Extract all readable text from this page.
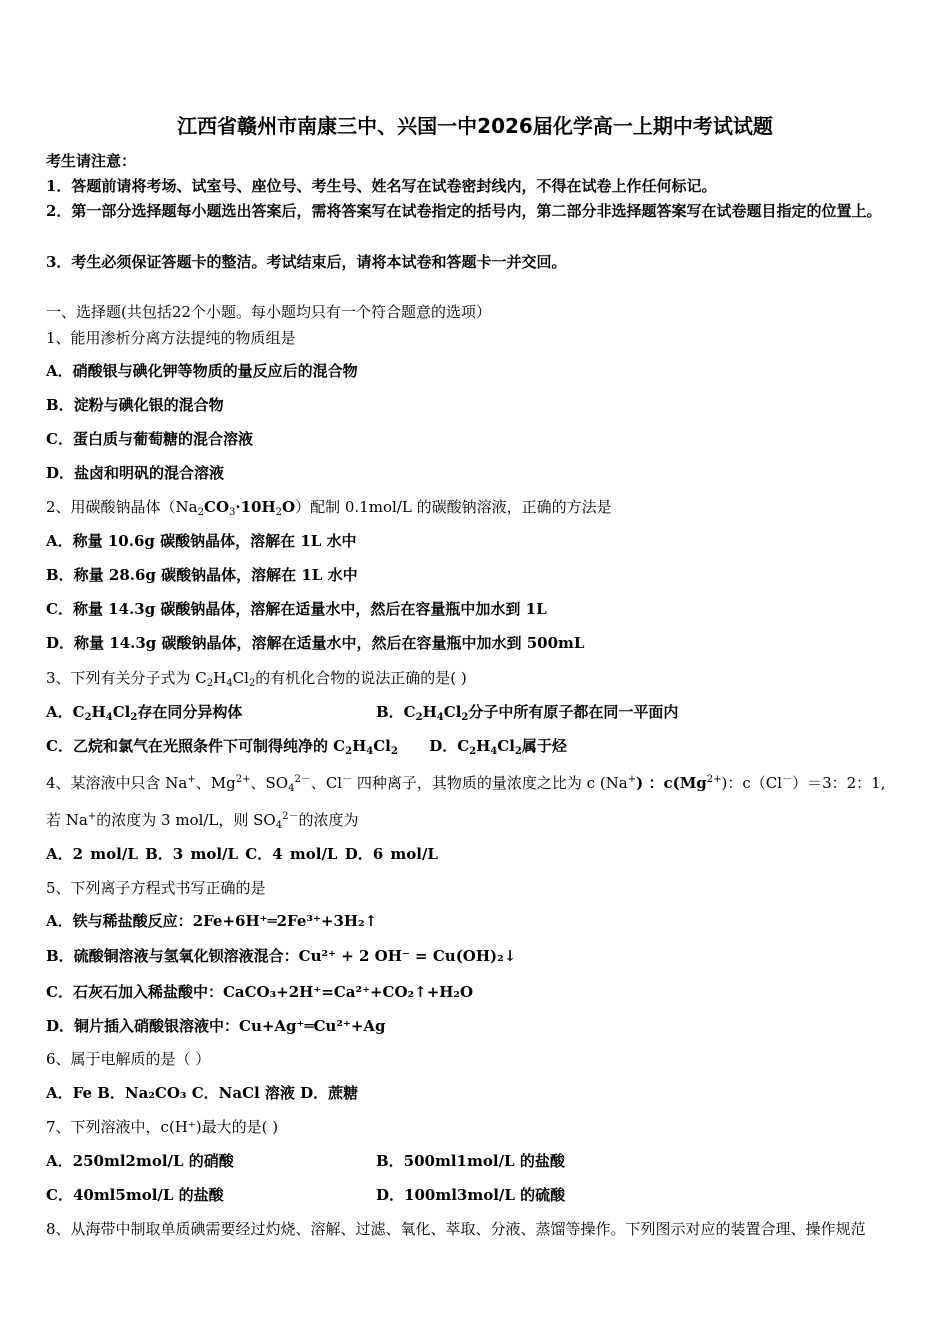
江西省赣州市南康三中、兴国一中2026届化学高一上期中考试试题
考生请注意：
1．答题前请将考场、试室号、座位号、考生号、姓名写在试卷密封线内，不得在试卷上作任何标记。
2．第一部分选择题每小题选出答案后，需将答案写在试卷指定的括号内，第二部分非选择题答案写在试卷题目指定的位置上。
3．考生必须保证答题卡的整洁。考试结束后，请将本试卷和答题卡一并交回。
一、选择题(共包括22个小题。每小题均只有一个符合题意的选项）
1、能用渗析分离方法提纯的物质组是
A．硝酸银与碘化钾等物质的量反应后的混合物
B．淀粉与碘化银的混合物
C．蛋白质与葡萄糖的混合溶液
D．盐卤和明矾的混合溶液
2、用碳酸钠晶体$(Na_2CO_3\cdot 10H_2O)$配制 0.1mol/L 的碳酸钠溶液，正确的方法是
A．称量 10.6g 碳酸钠晶体，溶解在 1L 水中
B．称量 28.6g 碳酸钠晶体，溶解在 1L 水中
C．称量 14.3g 碳酸钠晶体，溶解在适量水中，然后在容量瓶中加水到 1L
D．称量 14.3g 碳酸钠晶体，溶解在适量水中，然后在容量瓶中加水到 500mL
3、下列有关分子式为 $C_2H_4Cl_2$的有机化合物的说法正确的是( )
A．$C_2H_4Cl_2$存在同分异构体	B．$C_2H_4Cl_2$分子中所有原子都在同一平面内
C．乙烷和氯气在光照条件下可制得纯净的 $C_2H_4Cl_2$ D．$C_2H_4Cl_2$属于烃
4、某溶液中只含 Na+、$Mg^{2+}$、$SO_4^{2-}$、Cl－ 四种离子，其物质的量浓度之比为 c (Na+) ：$c(Mg^{2+})$：c（Cl－）＝3：2：1,
若 Na+的浓度为 3 mol/L，则 $SO_4^{2-}$的浓度为
A．2 mol/L B．3 mol/L C．4 mol/L D．6 mol/L
5、下列离子方程式书写正确的是
A．铁与稀盐酸反应：2Fe+6H⁺═2Fe³⁺+3H₂↑
B．硫酸铜溶液与氢氧化钡溶液混合：Cu²⁺ + 2 OH⁻ = Cu(OH)₂↓
C．石灰石加入稀盐酸中：CaCO₃+2H⁺=Ca²⁺+CO₂↑+H₂O
D．铜片插入硝酸银溶液中：Cu+Ag⁺═Cu²⁺+Ag
6、属于电解质的是（ ）
A．Fe B．Na₂CO₃ C．NaCl 溶液 D．蔗糖
7、下列溶液中，c(H⁺)最大的是( )
A．250ml2mol/L 的硝酸	B．500ml1mol/L 的盐酸
C．40ml5mol/L 的盐酸	D．100ml3mol/L 的硫酸
8、从海带中制取单质碘需要经过灼烧、溶解、过滤、氧化、萃取、分液、蒸馏等操作。下列图示对应的装置合理、操作规范
